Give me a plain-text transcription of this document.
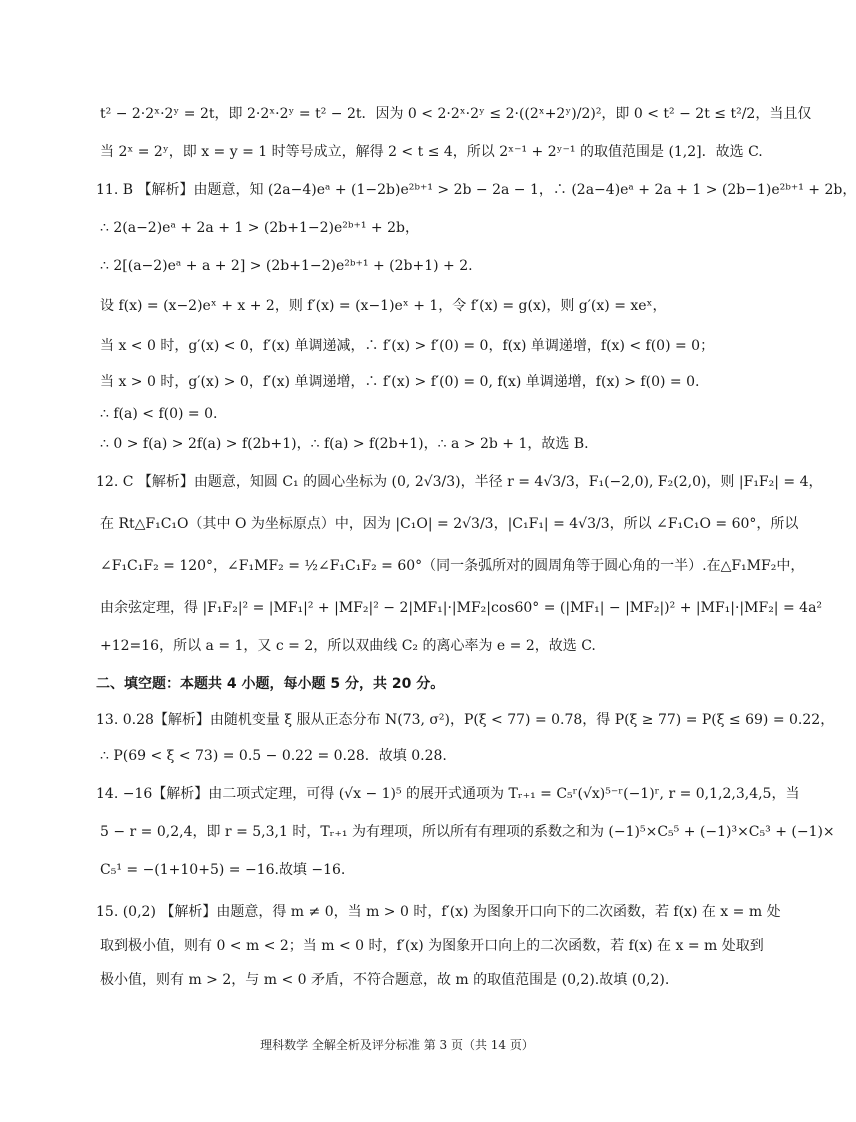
t² − 2·2ˣ·2ʸ = 2t，即 2·2ˣ·2ʸ = t² − 2t．因为 0 < 2·2ˣ·2ʸ ≤ 2·((2ˣ+2ʸ)/2)²，即 0 < t² − 2t ≤ t²/2，当且仅
当 2ˣ = 2ʸ，即 x = y = 1 时等号成立，解得 2 < t ≤ 4，所以 2ˣ⁻¹ + 2ʸ⁻¹ 的取值范围是 (1,2]．故选 C.
11. B 【解析】由题意，知 (2a−4)eᵃ + (1−2b)e²ᵇ⁺¹ > 2b − 2a − 1，∴ (2a−4)eᵃ + 2a + 1 > (2b−1)e²ᵇ⁺¹ + 2b，
∴ 2(a−2)eᵃ + 2a + 1 > (2b+1−2)e²ᵇ⁺¹ + 2b，
∴ 2[(a−2)eᵃ + a + 2] > (2b+1−2)e²ᵇ⁺¹ + (2b+1) + 2.
设 f(x) = (x−2)eˣ + x + 2，则 f′(x) = (x−1)eˣ + 1，令 f′(x) = g(x)，则 g′(x) = xeˣ，
当 x < 0 时，g′(x) < 0，f′(x) 单调递减，∴ f′(x) > f′(0) = 0，f(x) 单调递增，f(x) < f(0) = 0；
当 x > 0 时，g′(x) > 0，f′(x) 单调递增，∴ f′(x) > f′(0) = 0, f(x) 单调递增，f(x) > f(0) = 0.
∴ f(a) < f(0) = 0.
∴ 0 > f(a) > 2f(a) > f(2b+1)，∴ f(a) > f(2b+1)，∴ a > 2b + 1，故选 B.
12. C 【解析】由题意，知圆 C₁ 的圆心坐标为 (0, 2√3/3)，半径 r = 4√3/3，F₁(−2,0), F₂(2,0)，则 |F₁F₂| = 4，
在 Rt△F₁C₁O（其中 O 为坐标原点）中，因为 |C₁O| = 2√3/3，|C₁F₁| = 4√3/3，所以 ∠F₁C₁O = 60°，所以
∠F₁C₁F₂ = 120°，∠F₁MF₂ = ½∠F₁C₁F₂ = 60°（同一条弧所对的圆周角等于圆心角的一半）.在△F₁MF₂中，
由余弦定理，得 |F₁F₂|² = |MF₁|² + |MF₂|² − 2|MF₁|·|MF₂|cos60° = (|MF₁| − |MF₂|)² + |MF₁|·|MF₂| = 4a²
+12=16，所以 a = 1，又 c = 2，所以双曲线 C₂ 的离心率为 e = 2，故选 C.
二、填空题：本题共 4 小题，每小题 5 分，共 20 分。
13. 0.28【解析】由随机变量 ξ 服从正态分布 N(73, σ²)，P(ξ < 77) = 0.78，得 P(ξ ≥ 77) = P(ξ ≤ 69) = 0.22，
∴ P(69 < ξ < 73) = 0.5 − 0.22 = 0.28．故填 0.28.
14. −16【解析】由二项式定理，可得 (√x − 1)⁵ 的展开式通项为 Tᵣ₊₁ = C₅ʳ(√x)⁵⁻ʳ(−1)ʳ, r = 0,1,2,3,4,5，当
5 − r = 0,2,4，即 r = 5,3,1 时，Tᵣ₊₁ 为有理项，所以所有有理项的系数之和为 (−1)⁵×C₅⁵ + (−1)³×C₅³ + (−1)×
C₅¹ = −(1+10+5) = −16.故填 −16.
15. (0,2) 【解析】由题意，得 m ≠ 0，当 m > 0 时，f′(x) 为图象开口向下的二次函数，若 f(x) 在 x = m 处
取到极小值，则有 0 < m < 2；当 m < 0 时，f′(x) 为图象开口向上的二次函数，若 f(x) 在 x = m 处取到
极小值，则有 m > 2，与 m < 0 矛盾，不符合题意，故 m 的取值范围是 (0,2).故填 (0,2).
理科数学 全解全析及评分标准 第 3 页（共 14 页）
